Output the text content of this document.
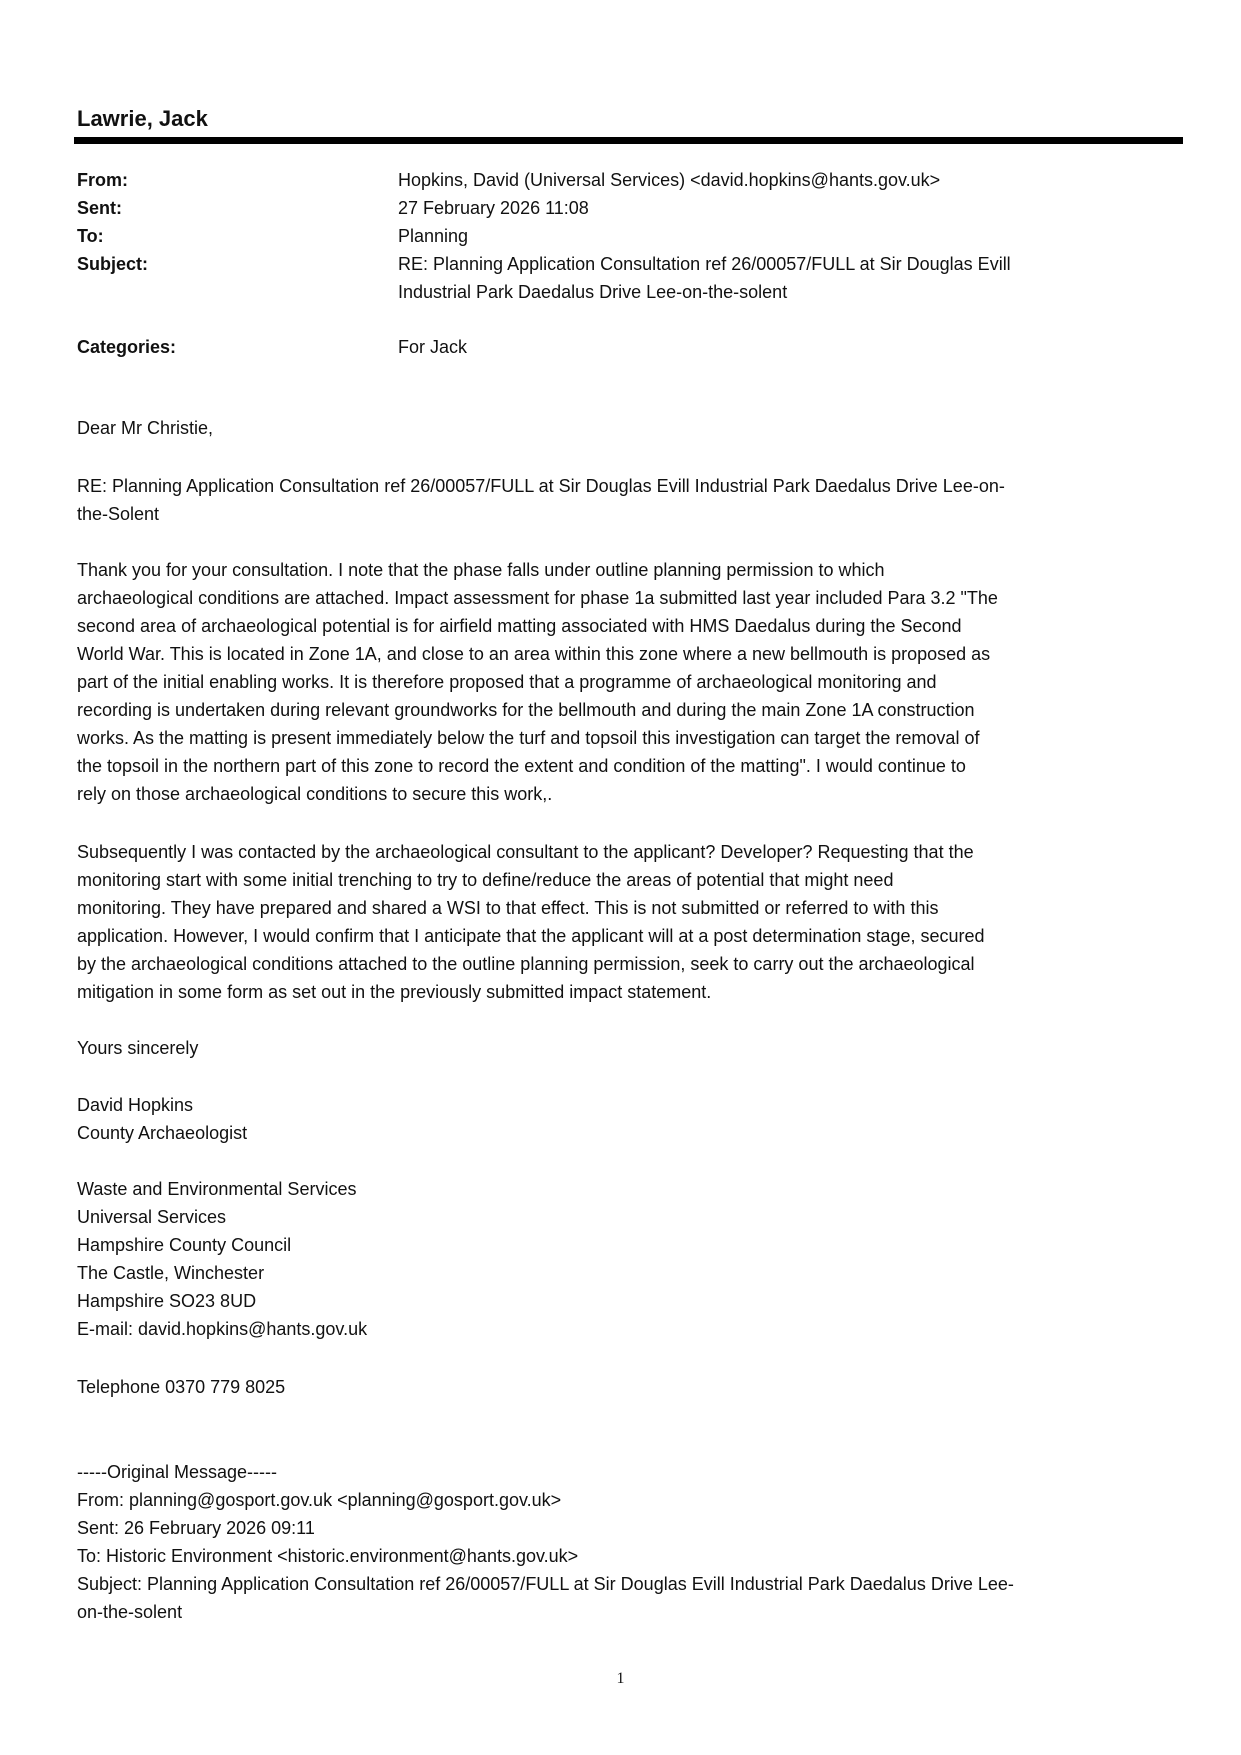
Lawrie, Jack
From:	Hopkins, David (Universal Services) <david.hopkins@hants.gov.uk>
Sent:	27 February 2026 11:08
To:	Planning
Subject:	RE: Planning Application Consultation ref 26/00057/FULL at Sir Douglas Evill
Industrial Park Daedalus Drive Lee-on-the-solent
Categories:	For Jack
Dear Mr Christie,
RE: Planning Application Consultation ref 26/00057/FULL at Sir Douglas Evill Industrial Park Daedalus Drive Lee-on-
the-Solent
Thank you for your consultation. I note that the phase falls under outline planning permission to which
archaeological conditions are attached. Impact assessment for phase 1a submitted last year included Para 3.2 "The
second area of archaeological potential is for airfield matting associated with HMS Daedalus during the Second
World War. This is located in Zone 1A, and close to an area within this zone where a new bellmouth is proposed as
part of the initial enabling works. It is therefore proposed that a programme of archaeological monitoring and
recording is undertaken during relevant groundworks for the bellmouth and during the main Zone 1A construction
works. As the matting is present immediately below the turf and topsoil this investigation can target the removal of
the topsoil in the northern part of this zone to record the extent and condition of the matting". I would continue to
rely on those archaeological conditions to secure this work,.
Subsequently I was contacted by the archaeological consultant to the applicant? Developer? Requesting that the
monitoring start with some initial trenching to try to define/reduce the areas of potential that might need
monitoring. They have prepared and shared a WSI to that effect. This is not submitted or referred to with this
application. However, I would confirm that I anticipate that the applicant will at a post determination stage, secured
by the archaeological conditions attached to the outline planning permission, seek to carry out the archaeological
mitigation in some form as set out in the previously submitted impact statement.
Yours sincerely
David Hopkins
County Archaeologist
Waste and Environmental Services
Universal Services
Hampshire County Council
The Castle, Winchester
Hampshire SO23 8UD
E-mail: david.hopkins@hants.gov.uk
Telephone 0370 779 8025
-----Original Message-----
From: planning@gosport.gov.uk <planning@gosport.gov.uk>
Sent: 26 February 2026 09:11
To: Historic Environment <historic.environment@hants.gov.uk>
Subject: Planning Application Consultation ref 26/00057/FULL at Sir Douglas Evill Industrial Park Daedalus Drive Lee-
on-the-solent
1
